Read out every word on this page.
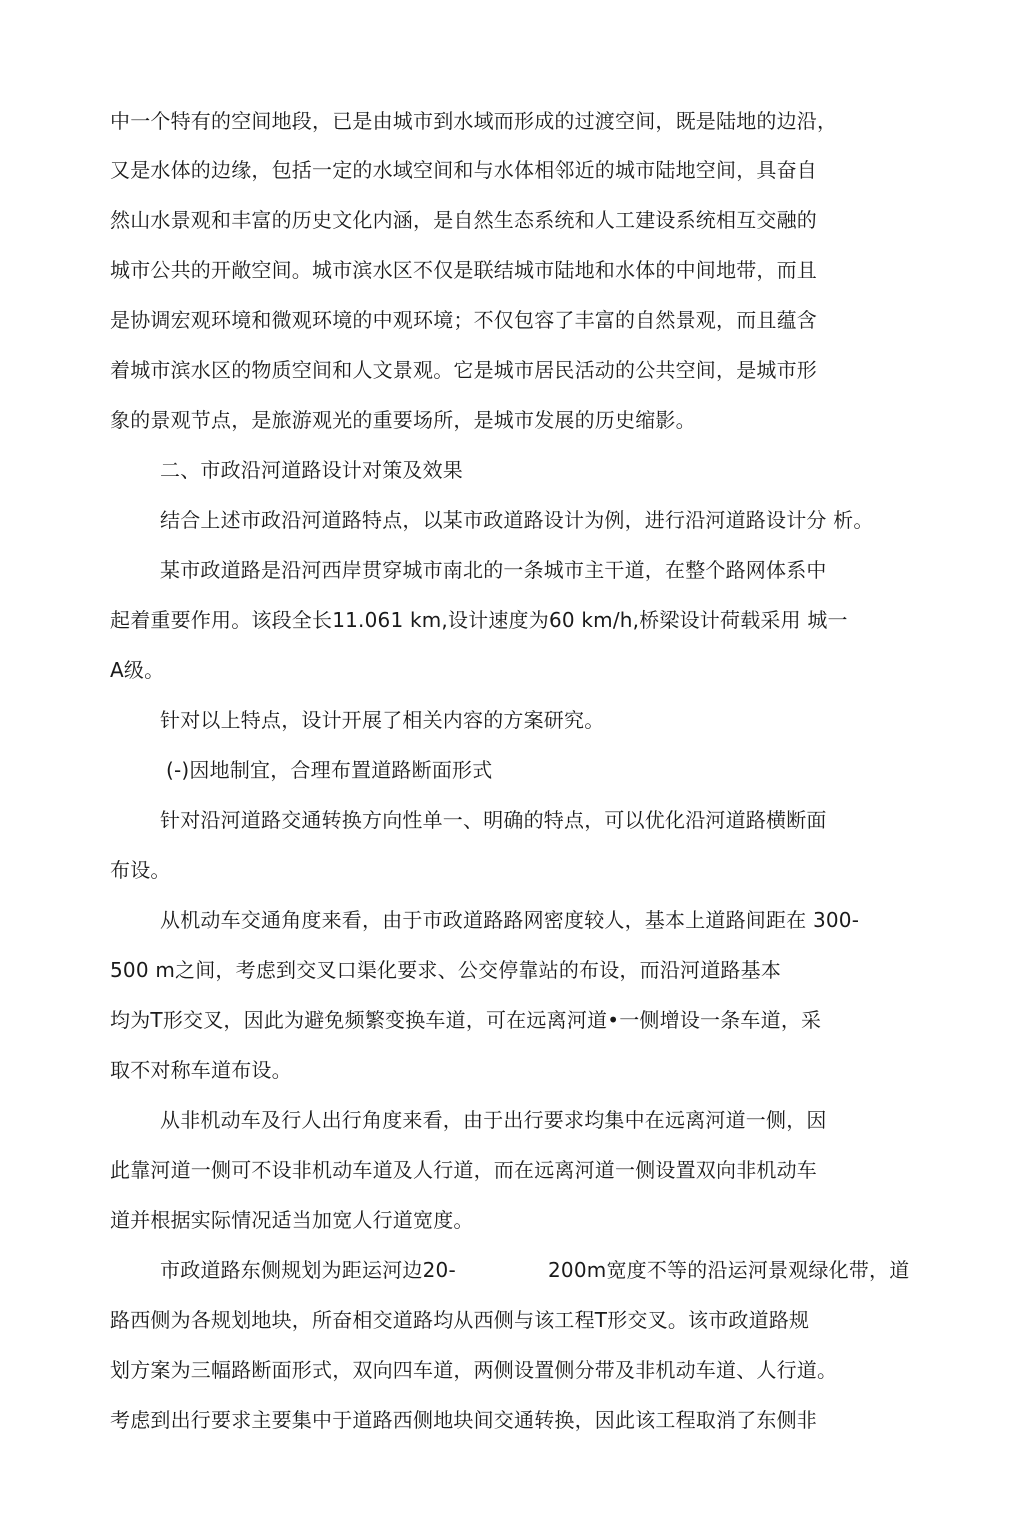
中一个特有的空间地段，已是由城市到水域而形成的过渡空间，既是陆地的边沿，
又是水体的边缘，包括一定的水域空间和与水体相邻近的城市陆地空间，具奋自
然山水景观和丰富的历史文化内涵，是自然生态系统和人工建设系统相互交融的
城市公共的开敞空间。城市滨水区不仅是联结城市陆地和水体的中间地带，而且
是协调宏观环境和微观环境的中观环境；不仅包容了丰富的自然景观，而且蕴含
着城市滨水区的物质空间和人文景观。它是城市居民活动的公共空间，是城市形
象的景观节点，是旅游观光的重要场所，是城市发展的历史缩影。
二、市政沿河道路设计对策及效果
结合上述市政沿河道路特点，以某市政道路设计为例，进行沿河道路设计分 析。
某市政道路是沿河西岸贯穿城市南北的一条城市主干道，在整个路网体系中
起着重要作用。该段全长11.061 km,设计速度为60 km/h,桥梁设计荷载采用 城一
A级。
针对以上特点，设计开展了相关内容的方案研究。
(-)因地制宜，合理布置道路断面形式
针对沿河道路交通转换方向性单一、明确的特点，可以优化沿河道路横断面
布设。
从机动车交通角度来看，由于市政道路路网密度较人，基本上道路间距在 300-
500 m之间，考虑到交叉口渠化要求、公交停靠站的布设，而沿河道路基本
均为T形交叉，因此为避免频繁变换车道，可在远离河道•一侧增设一条车道，采
取不对称车道布设。
从非机动车及行人出行角度来看，由于出行要求均集中在远离河道一侧，因
此靠河道一侧可不设非机动车道及人行道，而在远离河道一侧设置双向非机动车
道并根据实际情况适当加宽人行道宽度。
市政道路东侧规划为距运河边20-	200m宽度不等的沿运河景观绿化带，道
路西侧为各规划地块，所奋相交道路均从西侧与该工程T形交叉。该市政道路规
划方案为三幅路断面形式，双向四车道，两侧设置侧分带及非机动车道、人行道。
考虑到出行要求主要集中于道路西侧地块间交通转换，因此该工程取消了东侧非
